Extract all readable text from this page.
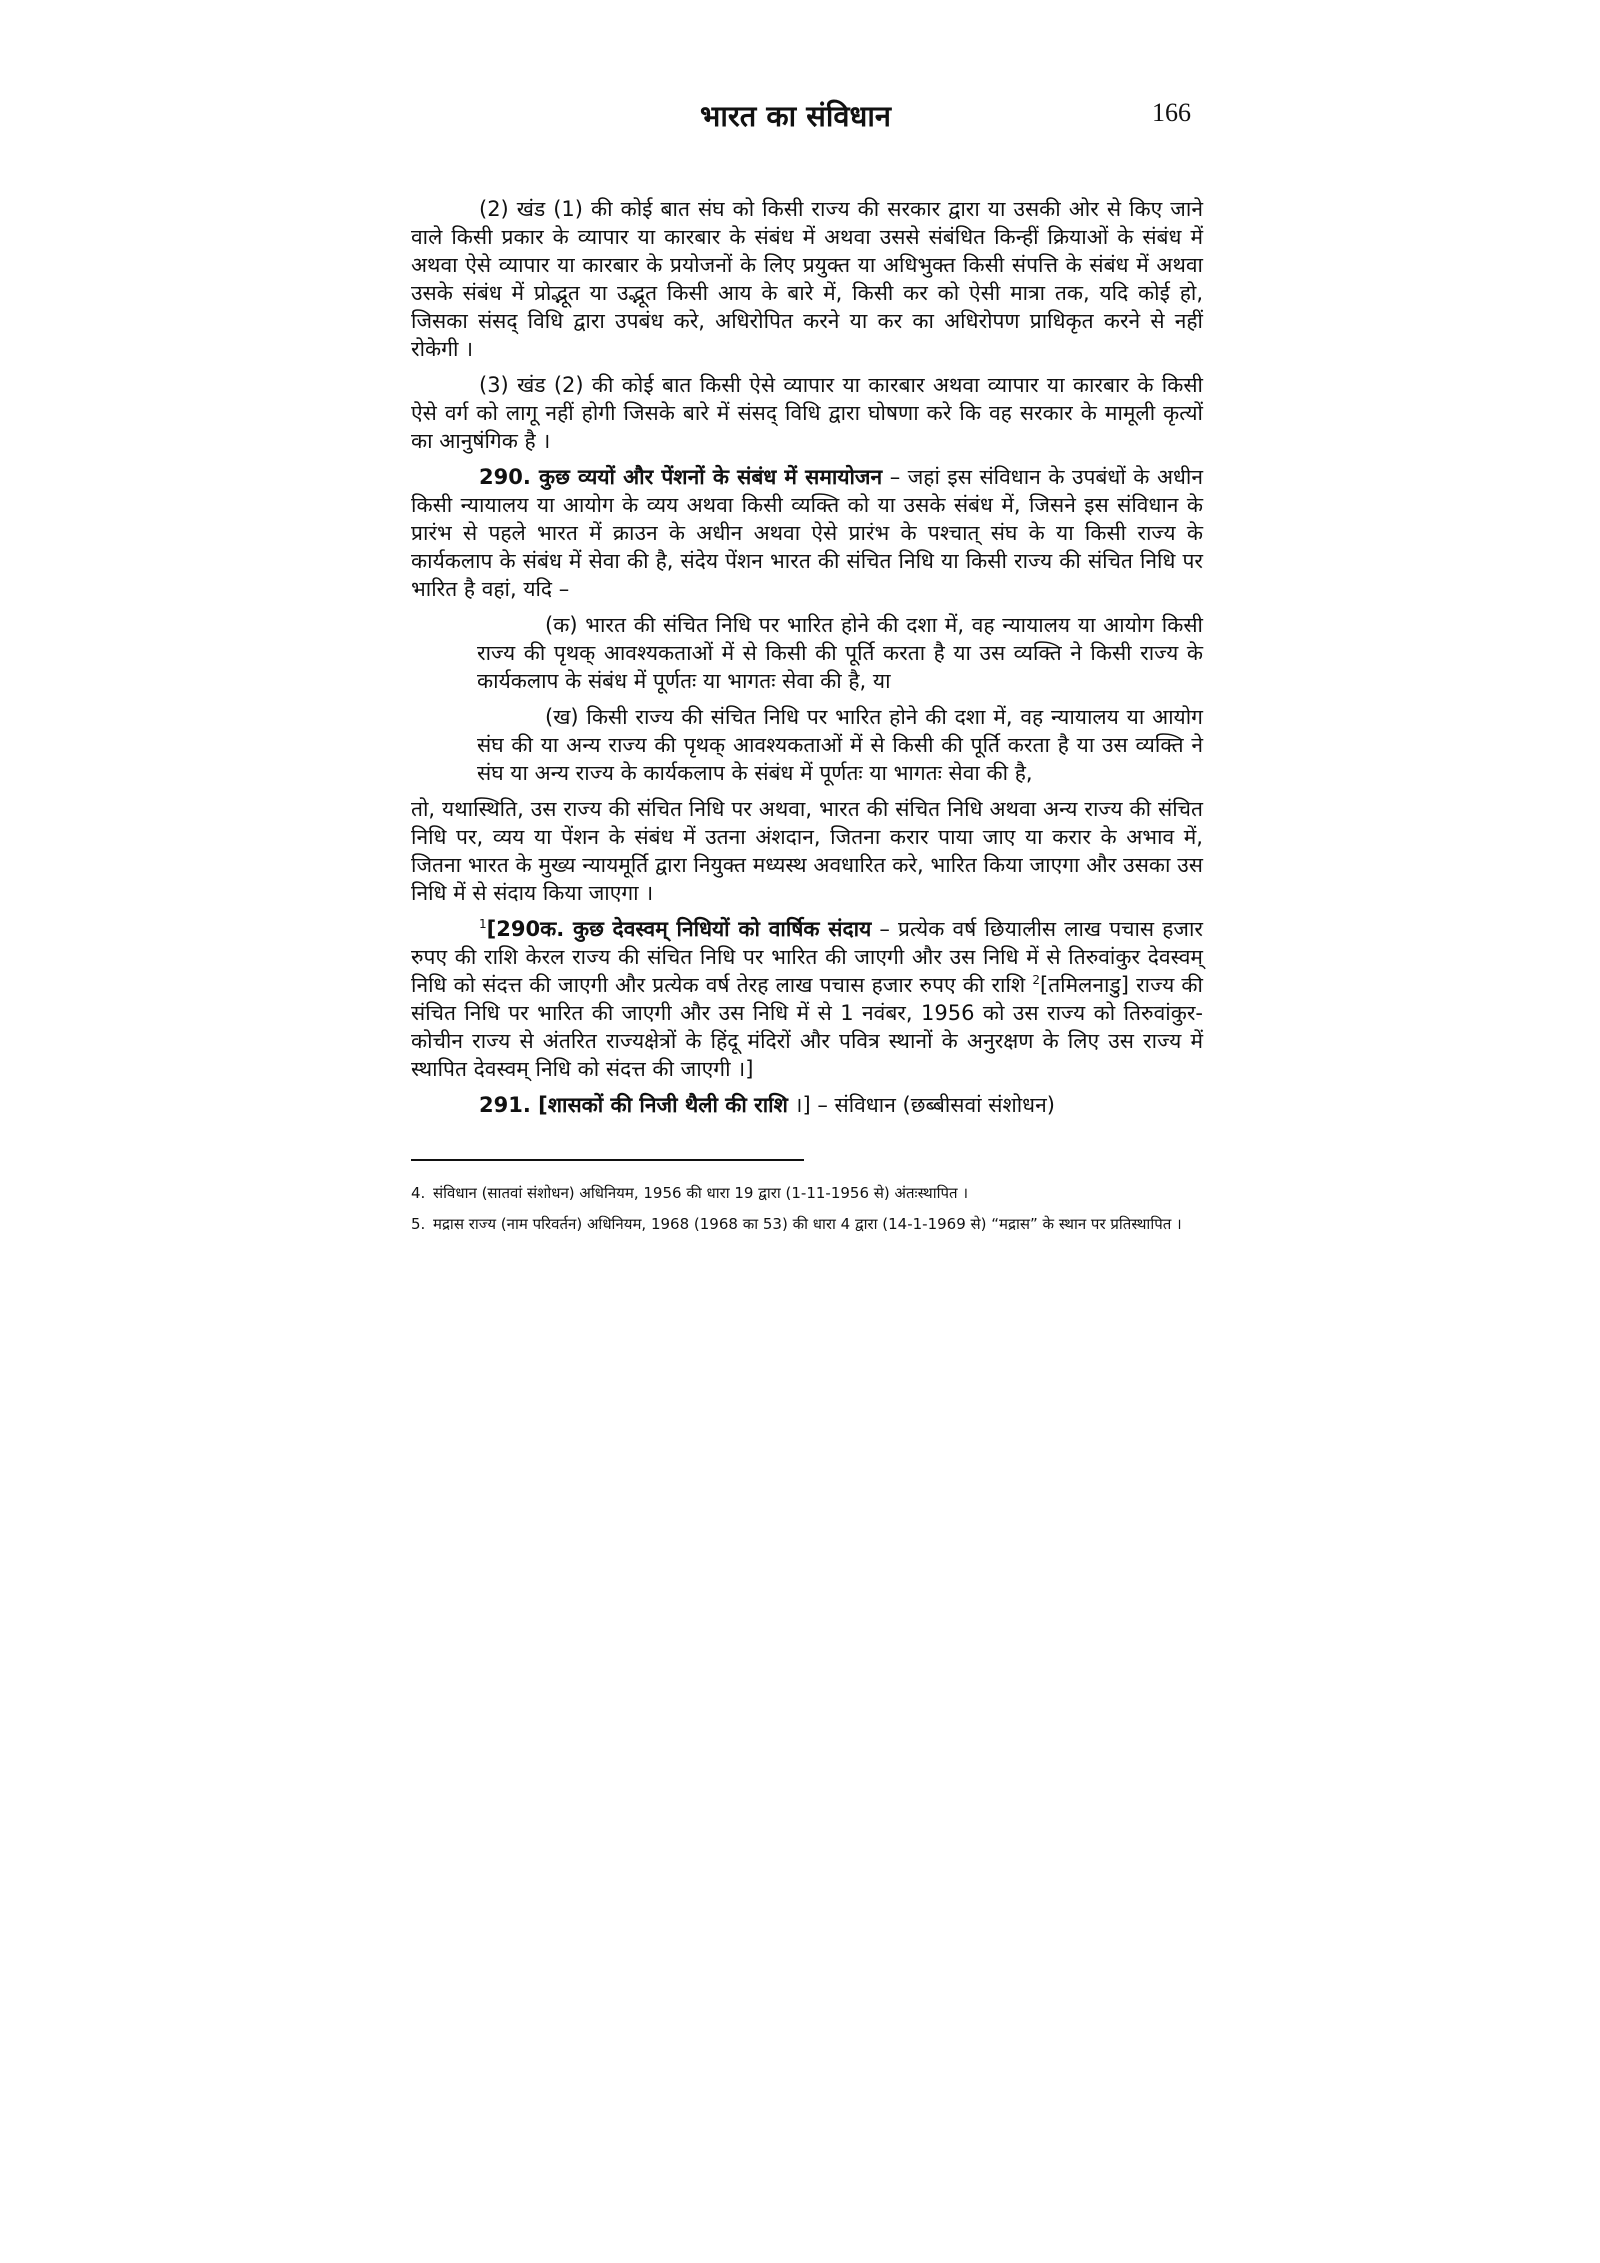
भारत का संविधान	166

(2) खंड (1) की कोई बात संघ को किसी राज्य की सरकार द्वारा या उसकी ओर से किए जाने वाले किसी प्रकार के व्यापार या कारबार के संबंध में अथवा उससे संबंधित किन्हीं क्रियाओं के संबंध में अथवा ऐसे व्यापार या कारबार के प्रयोजनों के लिए प्रयुक्त या अधिभुक्त किसी संपत्ति के संबंध में अथवा उसके संबंध में प्रोद्भूत या उद्भूत किसी आय के बारे में, किसी कर को ऐसी मात्रा तक, यदि कोई हो, जिसका संसद् विधि द्वारा उपबंध करे, अधिरोपित करने या कर का अधिरोपण प्राधिकृत करने से नहीं रोकेगी ।

(3) खंड (2) की कोई बात किसी ऐसे व्यापार या कारबार अथवा व्यापार या कारबार के किसी ऐसे वर्ग को लागू नहीं होगी जिसके बारे में संसद् विधि द्वारा घोषणा करे कि वह सरकार के मामूली कृत्यों का आनुषंगिक है ।

290. कुछ व्ययों और पेंशनों के संबंध में समायोजन – जहां इस संविधान के उपबंधों के अधीन किसी न्यायालय या आयोग के व्यय अथवा किसी व्यक्ति को या उसके संबंध में, जिसने इस संविधान के प्रारंभ से पहले भारत में क्राउन के अधीन अथवा ऐसे प्रारंभ के पश्चात् संघ के या किसी राज्य के कार्यकलाप के संबंध में सेवा की है, संदेय पेंशन भारत की संचित निधि या किसी राज्य की संचित निधि पर भारित है वहां, यदि –

(क) भारत की संचित निधि पर भारित होने की दशा में, वह न्यायालय या आयोग किसी राज्य की पृथक् आवश्यकताओं में से किसी की पूर्ति करता है या उस व्यक्ति ने किसी राज्य के कार्यकलाप के संबंध में पूर्णतः या भागतः सेवा की है, या

(ख) किसी राज्य की संचित निधि पर भारित होने की दशा में, वह न्यायालय या आयोग संघ की या अन्य राज्य की पृथक् आवश्यकताओं में से किसी की पूर्ति करता है या उस व्यक्ति ने संघ या अन्य राज्य के कार्यकलाप के संबंध में पूर्णतः या भागतः सेवा की है,

तो, यथास्थिति, उस राज्य की संचित निधि पर अथवा, भारत की संचित निधि अथवा अन्य राज्य की संचित निधि पर, व्यय या पेंशन के संबंध में उतना अंशदान, जितना करार पाया जाए या करार के अभाव में, जितना भारत के मुख्य न्यायमूर्ति द्वारा नियुक्त मध्यस्थ अवधारित करे, भारित किया जाएगा और उसका उस निधि में से संदाय किया जाएगा ।

$^1$[290क. कुछ देवस्वम् निधियों को वार्षिक संदाय – प्रत्येक वर्ष छियालीस लाख पचास हजार रुपए की राशि केरल राज्य की संचित निधि पर भारित की जाएगी और उस निधि में से तिरुवांकुर देवस्वम् निधि को संदत्त की जाएगी और प्रत्येक वर्ष तेरह लाख पचास हजार रुपए की राशि $^2$[तमिलनाडु] राज्य की संचित निधि पर भारित की जाएगी और उस निधि में से 1 नवंबर, 1956 को उस राज्य को तिरुवांकुर-कोचीन राज्य से अंतरित राज्यक्षेत्रों के हिंदू मंदिरों और पवित्र स्थानों के अनुरक्षण के लिए उस राज्य में स्थापित देवस्वम् निधि को संदत्त की जाएगी ।]

291. [शासकों की निजी थैली की राशि ।] – संविधान (छब्बीसवां संशोधन)

4. संविधान (सातवां संशोधन) अधिनियम, 1956 की धारा 19 द्वारा (1-11-1956 से) अंतःस्थापित ।
5. मद्रास राज्य (नाम परिवर्तन) अधिनियम, 1968 (1968 का 53) की धारा 4 द्वारा (14-1-1969 से) “मद्रास” के स्थान पर प्रतिस्थापित ।
